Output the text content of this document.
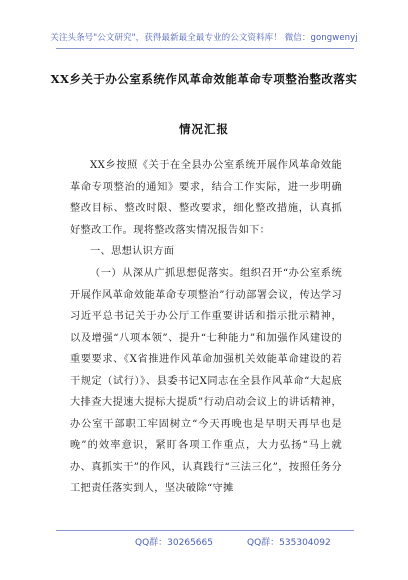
关注头条号"公文研究"，获得最新最全最专业的公文资料库！ 微信：gongwenyj
XX乡关于办公室系统作风革命效能革命专项整治整改落实
情况汇报
XX乡按照《关于在全县办公室系统开展作风革命效能革命专项整治的通知》要求，结合工作实际，进一步明确整改目标、整改时限、整改要求，细化整改措施，认真抓好整改工作。现将整改落实情况报告如下：
一、思想认识方面
（一）从深从广抓思想促落实。组织召开“办公室系统开展作风革命效能革命专项整治”行动部署会议，传达学习习近平总书记关于办公厅工作重要讲话和指示批示精神，以及增强“八项本领”、提升“七种能力”和加强作风建设的重要要求、《X省推进作风革命加强机关效能革命建设的若干规定（试行）》、县委书记X同志在全县作风革命“大起底大排查大提速大提标大提质”行动启动会议上的讲话精神，办公室干部职工牢固树立“今天再晚也是早明天再早也是晚”的效率意识，紧盯各项工作重点，大力弘扬“马上就办、真抓实干”的作风，认真践行“三法三化”，按照任务分工把责任落实到人，坚决破除“守摊
QQ群：30265665	QQ群：535304092
